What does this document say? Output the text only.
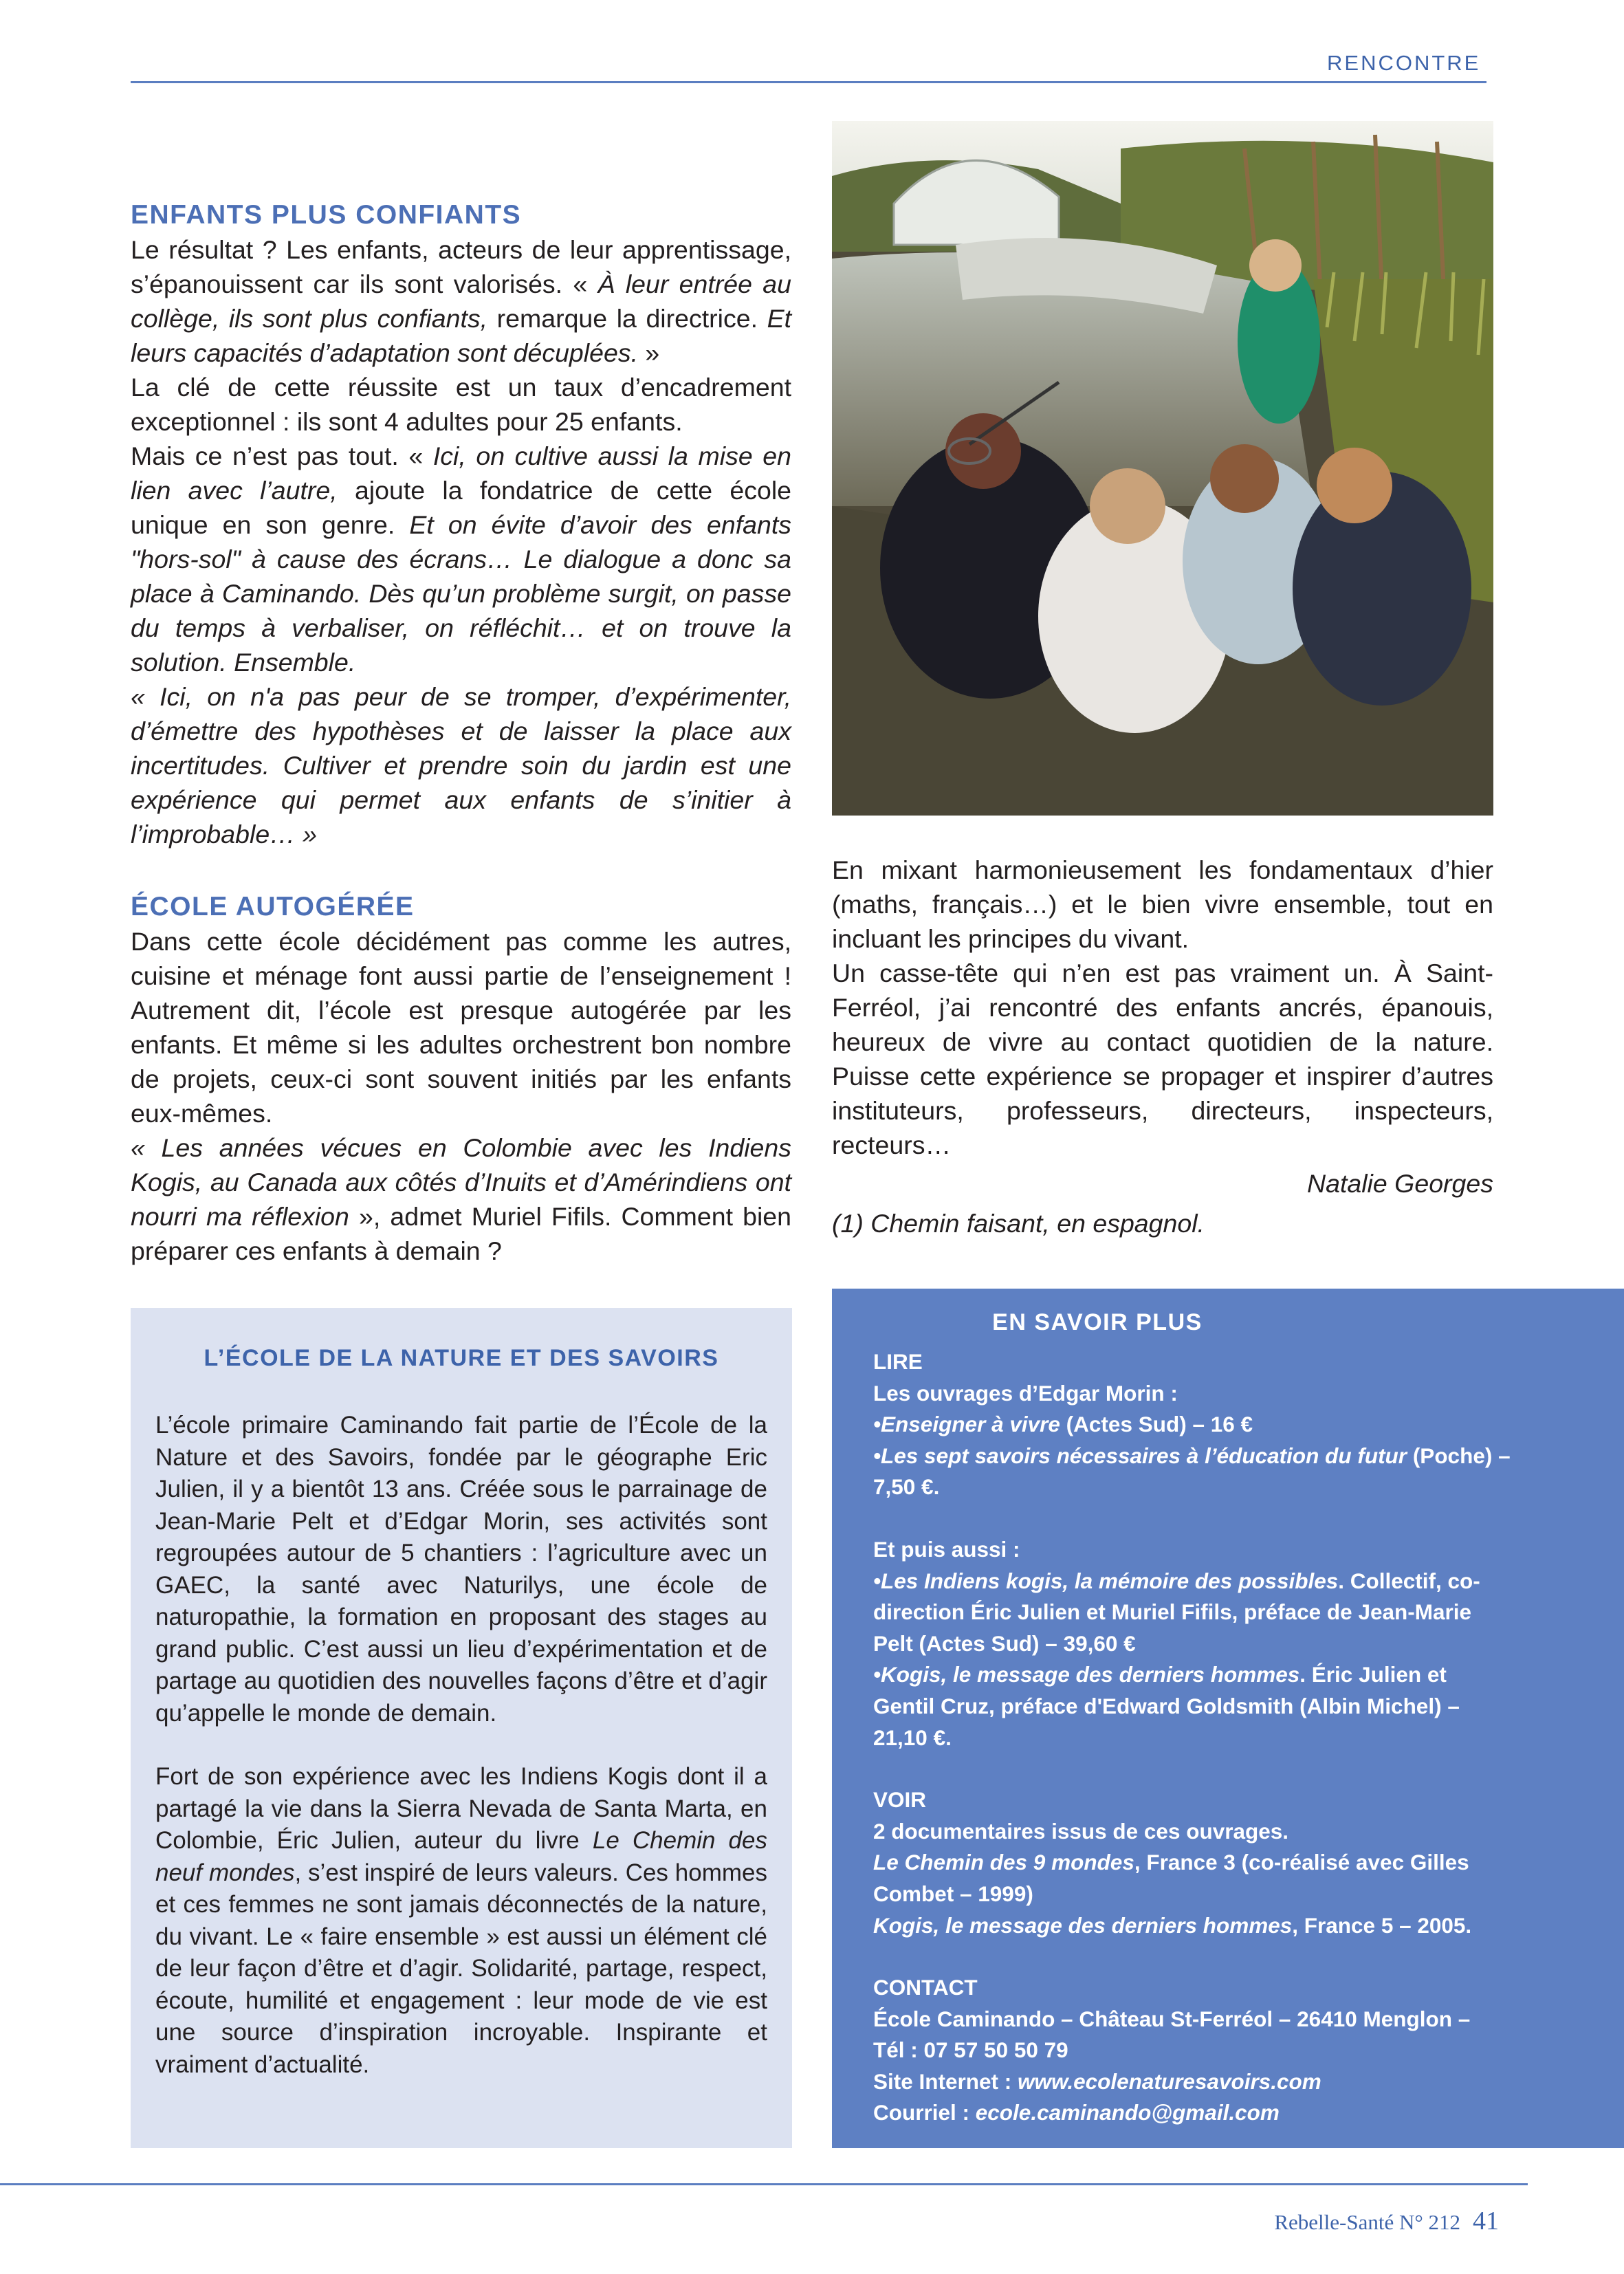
RENCONTRE
ENFANTS PLUS CONFIANTS

Le résultat ? Les enfants, acteurs de leur apprentissage, s’épanouissent car ils sont valorisés. « À leur entrée au collège, ils sont plus confiants, remarque la directrice. Et leurs capacités d’adaptation sont décuplées. »

La clé de cette réussite est un taux d’encadrement exceptionnel : ils sont 4 adultes pour 25 enfants.

Mais ce n’est pas tout. « Ici, on cultive aussi la mise en lien avec l’autre, ajoute la fondatrice de cette école unique en son genre. Et on évite d’avoir des enfants "hors-sol" à cause des écrans… Le dialogue a donc sa place à Caminando. Dès qu’un problème surgit, on passe du temps à verbaliser, on réfléchit… et on trouve la solution. Ensemble.

« Ici, on n'a pas peur de se tromper, d’expérimenter, d’émettre des hypothèses et de laisser la place aux incertitudes. Cultiver et prendre soin du jardin est une expérience qui permet aux enfants de s’initier à l’improbable… »

ÉCOLE AUTOGÉRÉE

Dans cette école décidément pas comme les autres, cuisine et ménage font aussi partie de l’enseignement ! Autrement dit, l’école est presque autogérée par les enfants. Et même si les adultes orchestrent bon nombre de projets, ceux-ci sont souvent initiés par les enfants eux-mêmes.

« Les années vécues en Colombie avec les Indiens Kogis, au Canada aux côtés d’Inuits et d’Amérindiens ont nourri ma réflexion », admet Muriel Fifils. Comment bien préparer ces enfants à demain ?

En mixant harmonieusement les fondamentaux d’hier (maths, français…) et le bien vivre ensemble, tout en incluant les principes du vivant.

Un casse-tête qui n’en est pas vraiment un. À Saint-Ferréol, j’ai rencontré des enfants ancrés, épanouis, heureux de vivre au contact quotidien de la nature. Puisse cette expérience se propager et inspirer d’autres instituteurs, professeurs, directeurs, inspecteurs, recteurs…

Natalie Georges

(1) Chemin faisant, en espagnol.

L’ÉCOLE DE LA NATURE ET DES SAVOIRS

L’école primaire Caminando fait partie de l’École de la Nature et des Savoirs, fondée par le géographe Eric Julien, il y a bientôt 13 ans. Créée sous le parrainage de Jean-Marie Pelt et d’Edgar Morin, ses activités sont regroupées autour de 5 chantiers : l’agriculture avec un GAEC, la santé avec Naturilys, une école de naturopathie, la formation en proposant des stages au grand public. C’est aussi un lieu d’expérimentation et de partage au quotidien des nouvelles façons d’être et d’agir qu’appelle le monde de demain.

Fort de son expérience avec les Indiens Kogis dont il a partagé la vie dans la Sierra Nevada de Santa Marta, en Colombie, Éric Julien, auteur du livre Le Chemin des neuf mondes, s’est inspiré de leurs valeurs. Ces hommes et ces femmes ne sont jamais déconnectés de la nature, du vivant. Le « faire ensemble » est aussi un élément clé de leur façon d’être et d’agir. Solidarité, partage, respect, écoute, humilité et engagement : leur mode de vie est une source d’inspiration incroyable. Inspirante et vraiment d’actualité.

EN SAVOIR PLUS

LIRE

Les ouvrages d’Edgar Morin :

•Enseigner à vivre (Actes Sud) – 16 €

•Les sept savoirs nécessaires à l’éducation du futur (Poche) – 7,50 €.

Et puis aussi :

•Les Indiens kogis, la mémoire des possibles. Collectif, co-direction Éric Julien et Muriel Fifils, préface de Jean-Marie Pelt (Actes Sud) – 39,60 €

•Kogis, le message des derniers hommes. Éric Julien et Gentil Cruz, préface d'Edward Goldsmith (Albin Michel) – 21,10 €.

VOIR

2 documentaires issus de ces ouvrages.

Le Chemin des 9 mondes, France 3 (co-réalisé avec Gilles Combet – 1999)

Kogis, le message des derniers hommes, France 5 – 2005.

CONTACT

École Caminando – Château St-Ferréol – 26410 Menglon –

Tél : 07 57 50 50 79

Site Internet : www.ecolenaturesavoirs.com

Courriel : ecole.caminando@gmail.com

Rebelle-Santé N° 212 41
